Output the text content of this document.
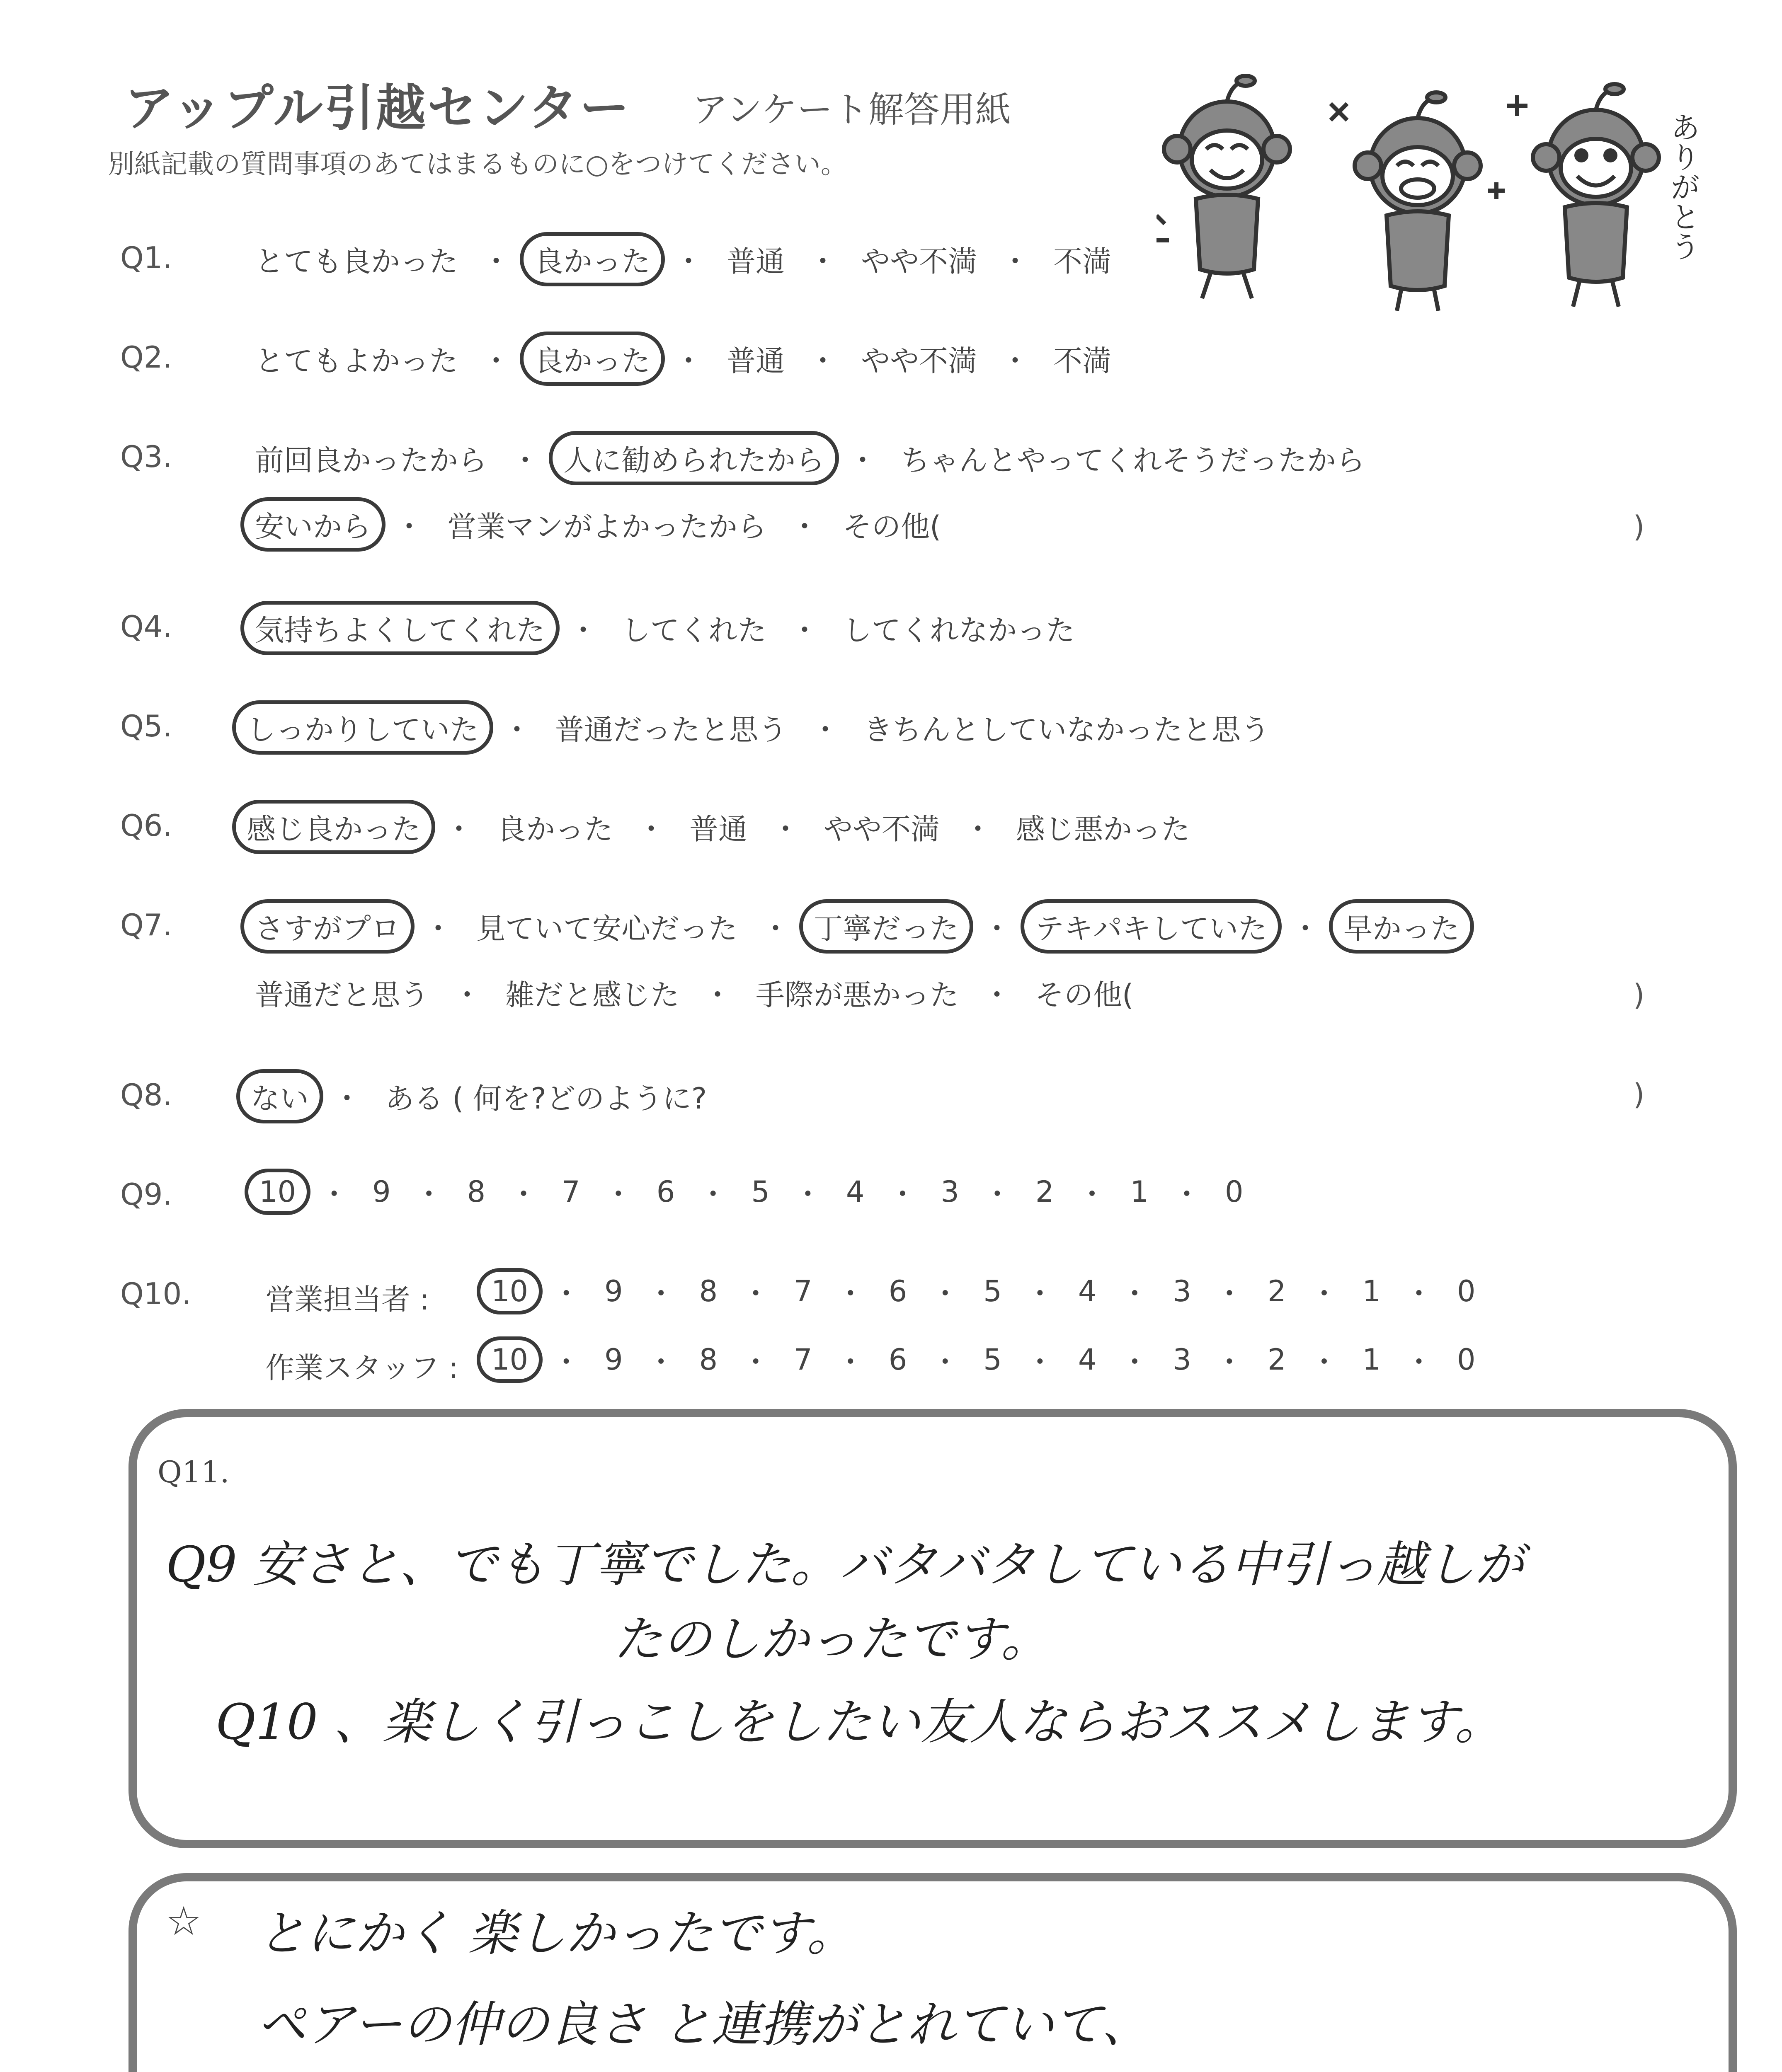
アップル引越センター アンケート解答用紙
別紙記載の質問事項のあてはまるものに○をつけてください。	ありがとう
Q1.	とても良かった ・ 良かった ・ 普通 ・ やや不満 ・ 不満
Q2.	とてもよかった ・ 良かった ・ 普通 ・ やや不満 ・ 不満
Q3.	前回良かったから ・ 人に勧められたから ・ ちゃんとやってくれそうだったから
安いから ・ 営業マンがよかったから ・ その他(	)
Q4.	気持ちよくしてくれた ・ してくれた ・ してくれなかった
Q5.	しっかりしていた ・ 普通だったと思う ・ きちんとしていなかったと思う
Q6.	感じ良かった ・ 良かった ・ 普通 ・ やや不満 ・ 感じ悪かった
Q7.	さすがプロ ・ 見ていて安心だった ・ 丁寧だった ・ テキパキしていた ・ 早かった
普通だと思う ・ 雑だと感じた ・ 手際が悪かった ・ その他(	)
Q8.	ない ・ ある ( 何を?どのように?	)
Q9.	10 ・ 9 ・ 8 ・ 7 ・ 6 ・ 5 ・ 4 ・ 3 ・ 2 ・ 1 ・ 0
Q10.	営業担当者 :	10 ・ 9 ・ 8 ・ 7 ・ 6 ・ 5 ・ 4 ・ 3 ・ 2 ・ 1 ・ 0
作業スタッフ :	10 ・ 9 ・ 8 ・ 7 ・ 6 ・ 5 ・ 4 ・ 3 ・ 2 ・ 1 ・ 0
Q11.
Q9 安さと、でも丁寧でした。バタバタしている中引っ越しが
たのしかったです。
Q10 、楽しく引っこしをしたい友人ならおススメします。
☆ とにかく 楽しかったです。
ペアーの仲の良さ と連携がとれていて、
